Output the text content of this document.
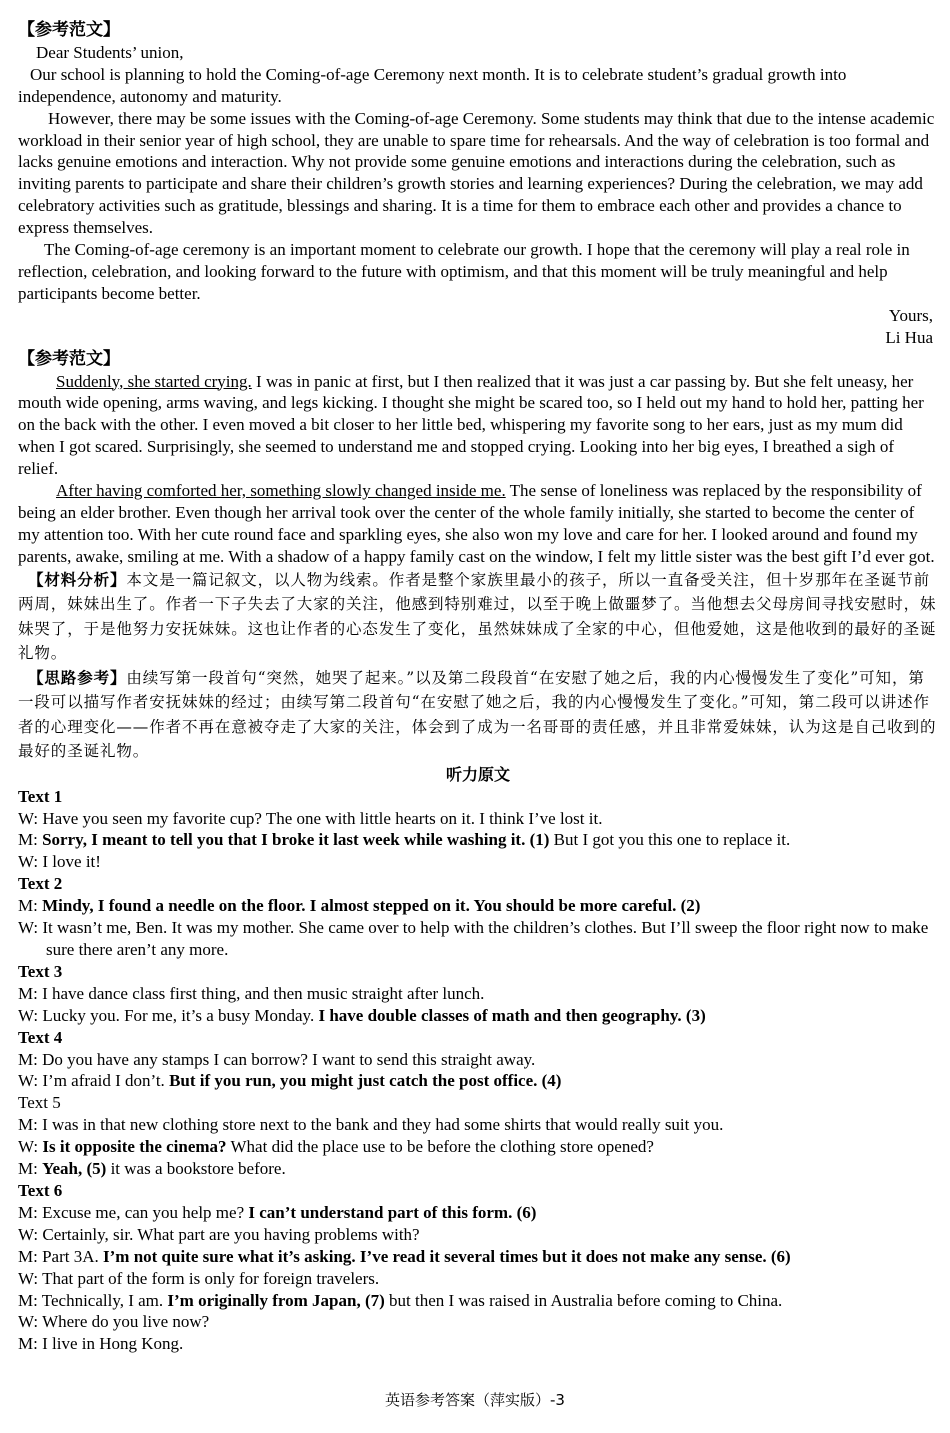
【参考范文】

Dear Students’ union,

Our school is planning to hold the Coming-of-age Ceremony next month. It is to celebrate student’s gradual growth into independence, autonomy and maturity.

However, there may be some issues with the Coming-of-age Ceremony. Some students may think that due to the intense academic workload in their senior year of high school, they are unable to spare time for rehearsals. And the way of celebration is too formal and lacks genuine emotions and interaction. Why not provide some genuine emotions and interactions during the celebration, such as inviting parents to participate and share their children’s growth stories and learning experiences? During the celebration, we may add celebratory activities such as gratitude, blessings and sharing. It is a time for them to embrace each other and provides a chance to express themselves.

The Coming-of-age ceremony is an important moment to celebrate our growth. I hope that the ceremony will play a real role in reflection, celebration, and looking forward to the future with optimism, and that this moment will be truly meaningful and help participants become better.

Yours,

Li Hua

【参考范文】

Suddenly, she started crying. I was in panic at first, but I then realized that it was just a car passing by. But she felt uneasy, her mouth wide opening, arms waving, and legs kicking. I thought she might be scared too, so I held out my hand to hold her, patting her on the back with the other. I even moved a bit closer to her little bed, whispering my favorite song to her ears, just as my mum did when I got scared. Surprisingly, she seemed to understand me and stopped crying. Looking into her big eyes, I breathed a sigh of relief.

After having comforted her, something slowly changed inside me. The sense of loneliness was replaced by the responsibility of being an elder brother. Even though her arrival took over the center of the whole family initially, she started to become the center of my attention too. With her cute round face and sparkling eyes, she also won my love and care for her. I looked around and found my parents, awake, smiling at me. With a shadow of a happy family cast on the window, I felt my little sister was the best gift I’d ever got.

【材料分析】本文是一篇记叙文，以人物为线索。作者是整个家族里最小的孩子，所以一直备受关注，但十岁那年在圣诞节前两周，妹妹出生了。作者一下子失去了大家的关注，他感到特别难过，以至于晚上做噩梦了。当他想去父母房间寻找安慰时，妹妹哭了，于是他努力安抚妹妹。这也让作者的心态发生了变化，虽然妹妹成了全家的中心，但他爱她，这是他收到的最好的圣诞礼物。

【思路参考】由续写第一段首句“突然，她哭了起来。”以及第二段段首“在安慰了她之后，我的内心慢慢发生了变化”可知，第一段可以描写作者安抚妹妹的经过；由续写第二段首句“在安慰了她之后，我的内心慢慢发生了变化。”可知，第二段可以讲述作者的心理变化——作者不再在意被夺走了大家的关注，体会到了成为一名哥哥的责任感，并且非常爱妹妹，认为这是自己收到的最好的圣诞礼物。

听力原文

Text 1

W: Have you seen my favorite cup? The one with little hearts on it. I think I’ve lost it.

M: Sorry, I meant to tell you that I broke it last week while washing it. (1) But I got you this one to replace it.

W: I love it!

Text 2

M: Mindy, I found a needle on the floor. I almost stepped on it. You should be more careful. (2)

W: It wasn’t me, Ben. It was my mother. She came over to help with the children’s clothes. But I’ll sweep the floor right now to make sure there aren’t any more.

Text 3

M: I have dance class first thing, and then music straight after lunch.

W: Lucky you. For me, it’s a busy Monday. I have double classes of math and then geography. (3)

Text 4

M: Do you have any stamps I can borrow? I want to send this straight away.

W: I’m afraid I don’t. But if you run, you might just catch the post office. (4)

Text 5

M: I was in that new clothing store next to the bank and they had some shirts that would really suit you.

W: Is it opposite the cinema? What did the place use to be before the clothing store opened?

M: Yeah, (5) it was a bookstore before.

Text 6

M: Excuse me, can you help me? I can’t understand part of this form. (6)

W: Certainly, sir. What part are you having problems with?

M: Part 3A. I’m not quite sure what it’s asking. I’ve read it several times but it does not make any sense. (6)

W: That part of the form is only for foreign travelers.

M: Technically, I am. I’m originally from Japan, (7) but then I was raised in Australia before coming to China.

W: Where do you live now?

M: I live in Hong Kong.

英语参考答案（萍实版）-3
